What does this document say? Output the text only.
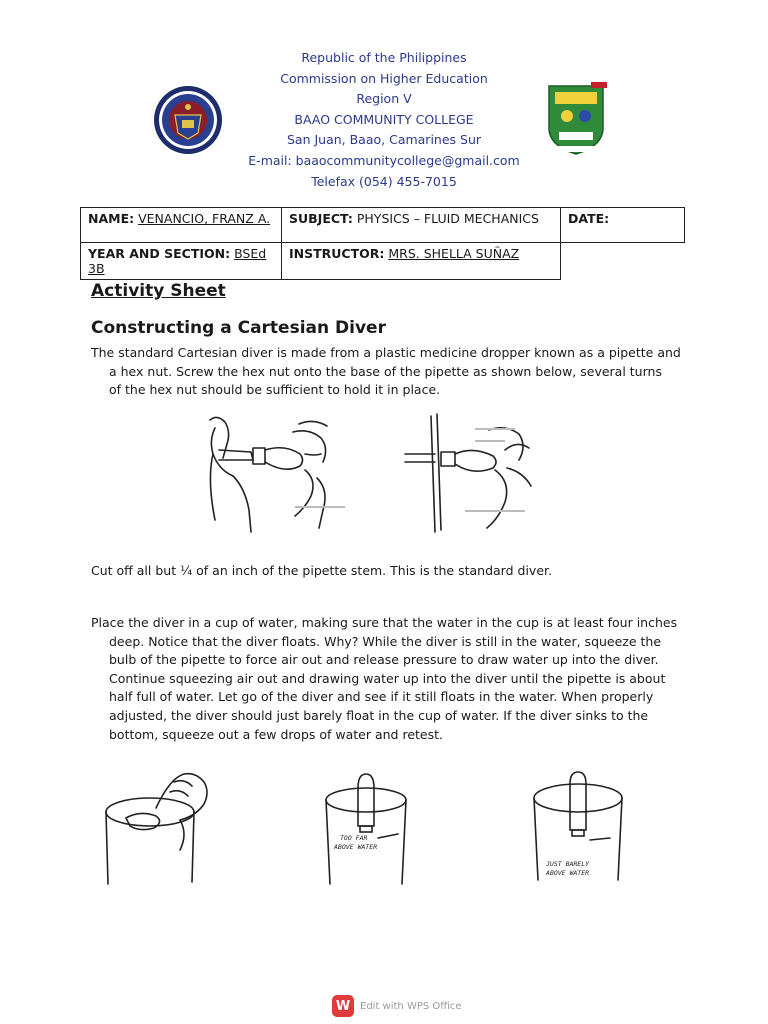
Republic of the Philippines
Commission on Higher Education
Region V
BAAO COMMUNITY COLLEGE
San Juan, Baao, Camarines Sur
E-mail: baaocommunitycollege@gmail.com
Telefax (054) 455-7015
NAME: VENANCIO, FRANZ A.	SUBJECT: PHYSICS – FLUID MECHANICS	DATE:
YEAR AND SECTION: BSEd 3B	INSTRUCTOR: MRS. SHELLA SUÑAZ	
Activity Sheet
Constructing a Cartesian Diver
The standard Cartesian diver is made from a plastic medicine dropper known as a pipette and
a hex nut. Screw the hex nut onto the base of the pipette as shown below, several turns
of the hex nut should be sufficient to hold it in place.
Cut off all but ¼ of an inch of the pipette stem. This is the standard diver.
Place the diver in a cup of water, making sure that the water in the cup is at least four inches
deep. Notice that the diver floats. Why? While the diver is still in the water, squeeze the
bulb of the pipette to force air out and release pressure to draw water up into the diver.
Continue squeezing air out and drawing water up into the diver until the pipette is about
half full of water. Let go of the diver and see if it still floats in the water. When properly
adjusted, the diver should just barely float in the cup of water. If the diver sinks to the
bottom, squeeze out a few drops of water and retest.
TOO FAR
ABOVE WATER
JUST BARELY
ABOVE WATER
W Edit with WPS Office
